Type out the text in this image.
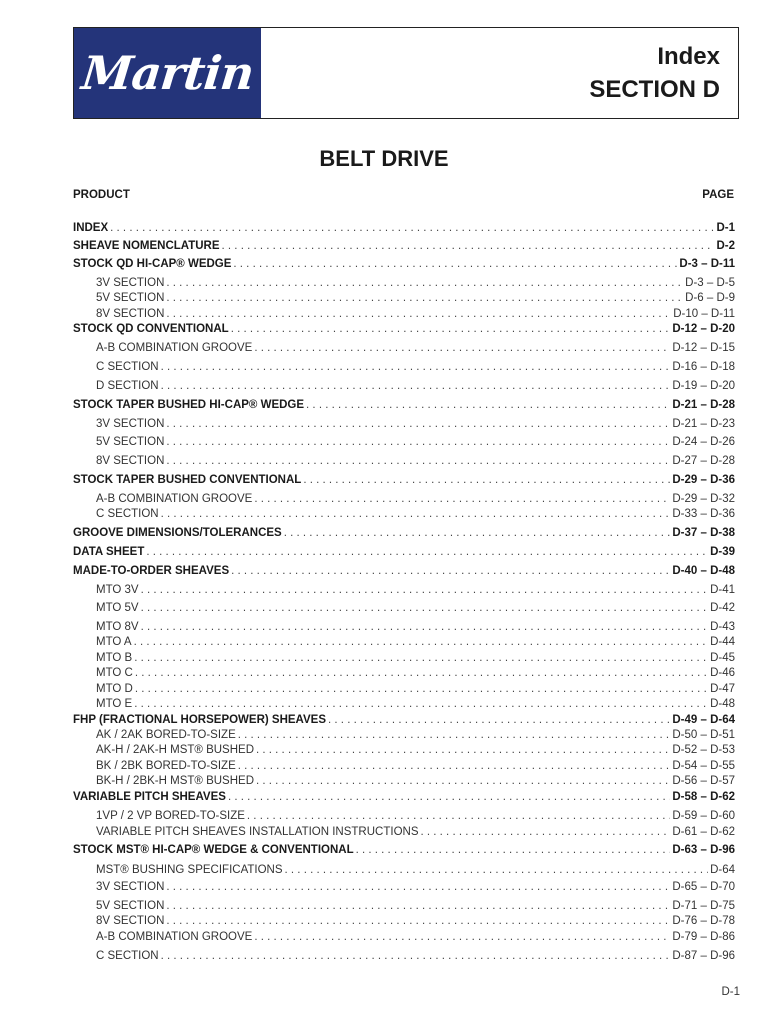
Martin	Index
SECTION D
BELT DRIVE
PRODUCT	PAGE
INDEX . . .	D-1
SHEAVE NOMENCLATURE . . .	D-2
STOCK QD HI-CAP® WEDGE . . .	D-3 – D-11
3V SECTION . . .	D-3 – D-5
5V SECTION . . .	D-6 – D-9
8V SECTION . . .	D-10 – D-11
STOCK QD CONVENTIONAL . . .	D-12 – D-20
A-B COMBINATION GROOVE . . .	D-12 – D-15
C SECTION . . .	D-16 – D-18
D SECTION . . .	D-19 – D-20
STOCK TAPER BUSHED HI-CAP® WEDGE . . .	D-21 – D-28
3V SECTION . . .	D-21 – D-23
5V SECTION . . .	D-24 – D-26
8V SECTION . . .	D-27 – D-28
STOCK TAPER BUSHED CONVENTIONAL . . .	D-29 – D-36
A-B COMBINATION GROOVE . . .	D-29 – D-32
C SECTION . . .	D-33 – D-36
GROOVE DIMENSIONS/TOLERANCES . . .	D-37 – D-38
DATA SHEET . . .	D-39
MADE-TO-ORDER SHEAVES . . .	D-40 – D-48
MTO 3V . . .	D-41
MTO 5V . . .	D-42
MTO 8V . . .	D-43
MTO A . . .	D-44
MTO B . . .	D-45
MTO C . . .	D-46
MTO D . . .	D-47
MTO E . . .	D-48
FHP (FRACTIONAL HORSEPOWER) SHEAVES . . .	D-49 – D-64
AK / 2AK BORED-TO-SIZE . . .	D-50 – D-51
AK-H / 2AK-H MST® BUSHED . . .	D-52 – D-53
BK / 2BK BORED-TO-SIZE . . .	D-54 – D-55
BK-H / 2BK-H MST® BUSHED . . .	D-56 – D-57
VARIABLE PITCH SHEAVES . . .	D-58 – D-62
1VP / 2 VP BORED-TO-SIZE . . .	D-59 – D-60
VARIABLE PITCH SHEAVES INSTALLATION INSTRUCTIONS . . .	D-61 – D-62
STOCK MST® HI-CAP® WEDGE & CONVENTIONAL . . .	D-63 – D-96
MST® BUSHING SPECIFICATIONS . . .	D-64
3V SECTION . . .	D-65 – D-70
5V SECTION . . .	D-71 – D-75
8V SECTION . . .	D-76 – D-78
A-B COMBINATION GROOVE . . .	D-79 – D-86
C SECTION . . .	D-87 – D-96
D-1
